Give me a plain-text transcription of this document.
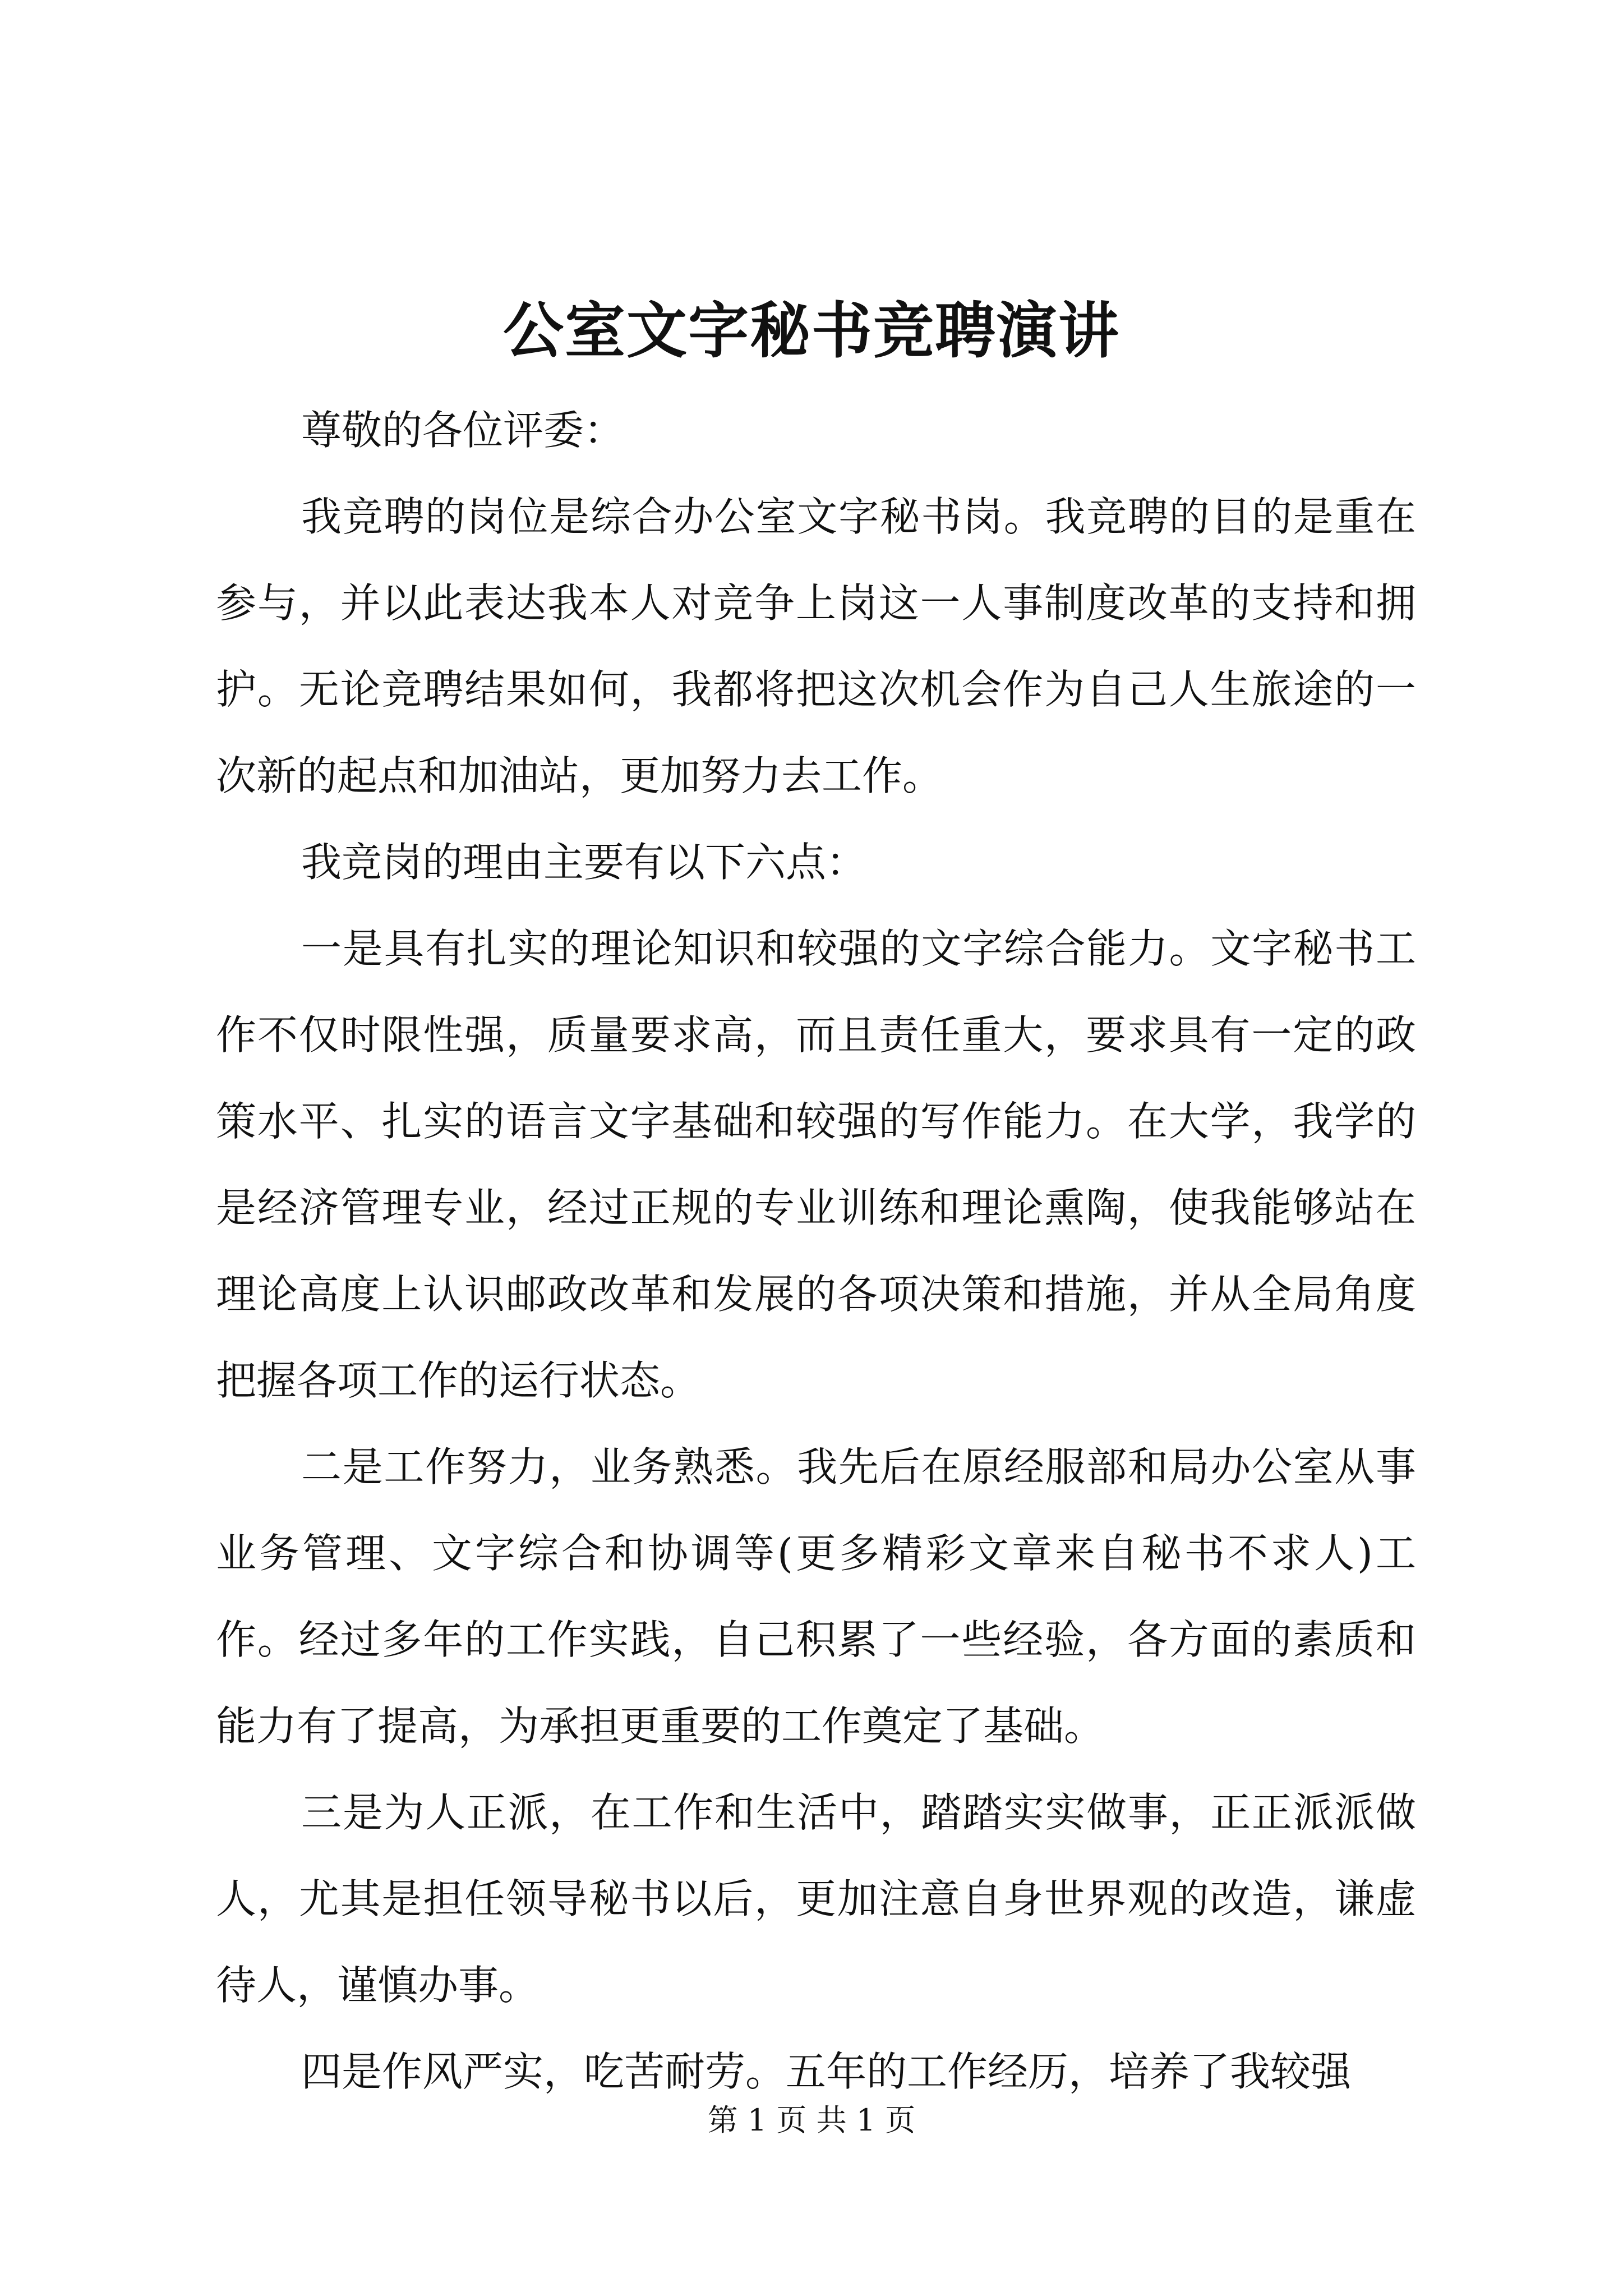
公室文字秘书竞聘演讲

尊敬的各位评委：

我竞聘的岗位是综合办公室文字秘书岗。我竞聘的目的是重在参与，并以此表达我本人对竞争上岗这一人事制度改革的支持和拥护。无论竞聘结果如何，我都将把这次机会作为自己人生旅途的一次新的起点和加油站，更加努力去工作。

我竞岗的理由主要有以下六点：

一是具有扎实的理论知识和较强的文字综合能力。文字秘书工作不仅时限性强，质量要求高，而且责任重大，要求具有一定的政策水平、扎实的语言文字基础和较强的写作能力。在大学，我学的是经济管理专业，经过正规的专业训练和理论熏陶，使我能够站在理论高度上认识邮政改革和发展的各项决策和措施，并从全局角度把握各项工作的运行状态。

二是工作努力，业务熟悉。我先后在原经服部和局办公室从事业务管理、文字综合和协调等(更多精彩文章来自秘书不求人)工作。经过多年的工作实践，自己积累了一些经验，各方面的素质和能力有了提高，为承担更重要的工作奠定了基础。

三是为人正派，在工作和生活中，踏踏实实做事，正正派派做人，尤其是担任领导秘书以后，更加注意自身世界观的改造，谦虚待人，谨慎办事。

四是作风严实，吃苦耐劳。五年的工作经历，培养了我较强

第 1 页 共 1 页
